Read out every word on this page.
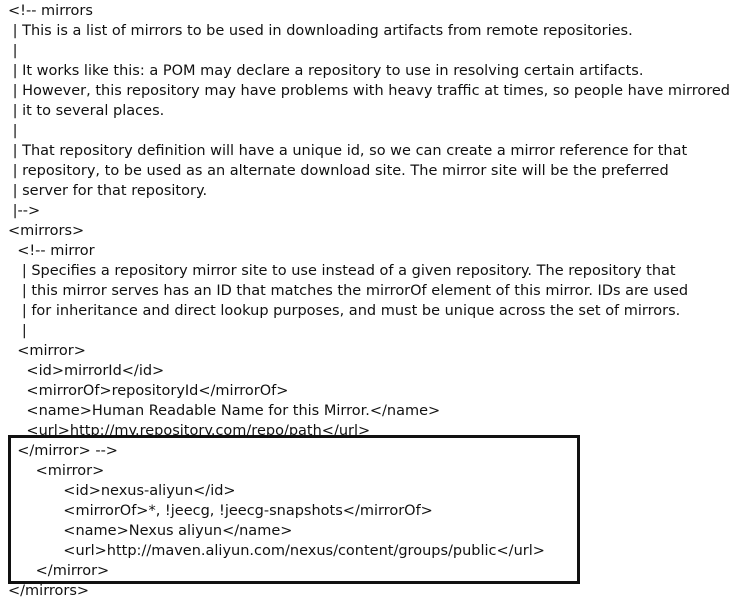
<!-- mirrors
| This is a list of mirrors to be used in downloading artifacts from remote repositories.
|
| It works like this: a POM may declare a repository to use in resolving certain artifacts.
| However, this repository may have problems with heavy traffic at times, so people have mirrored
| it to several places.
|
| That repository definition will have a unique id, so we can create a mirror reference for that
| repository, to be used as an alternate download site. The mirror site will be the preferred
| server for that repository.
|-->
<mirrors>
<!-- mirror
| Specifies a repository mirror site to use instead of a given repository. The repository that
| this mirror serves has an ID that matches the mirrorOf element of this mirror. IDs are used
| for inheritance and direct lookup purposes, and must be unique across the set of mirrors.
|
<mirror>
<id>mirrorId</id>
<mirrorOf>repositoryId</mirrorOf>
<name>Human Readable Name for this Mirror.</name>
<url>http://my.repository.com/repo/path</url>
</mirror> -->
<mirror>
<id>nexus-aliyun</id>
<mirrorOf>*, !jeecg, !jeecg-snapshots</mirrorOf>
<name>Nexus aliyun</name>
<url>http://maven.aliyun.com/nexus/content/groups/public</url>
</mirror>
</mirrors>
